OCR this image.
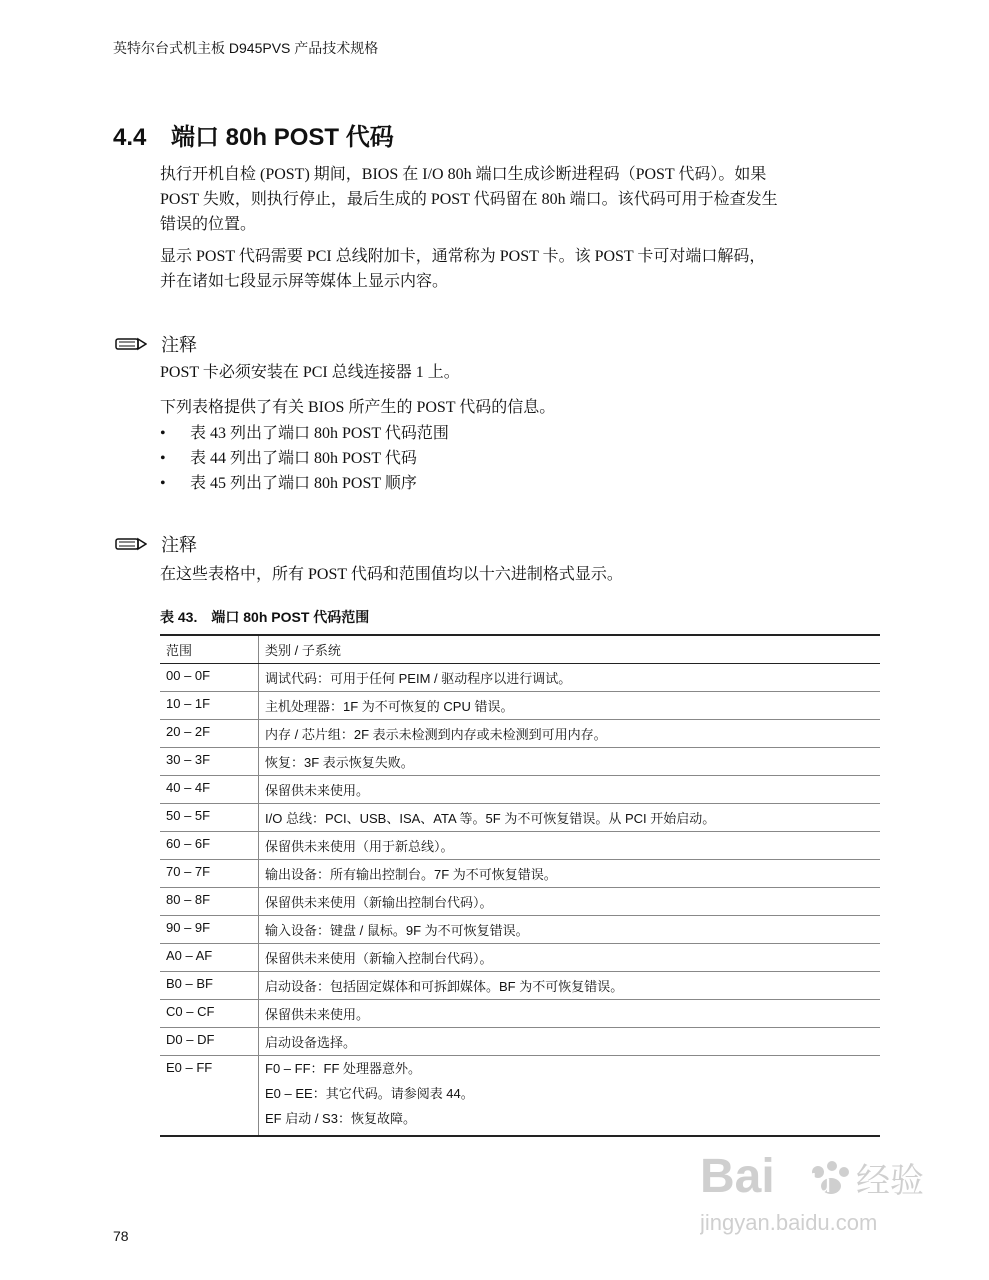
英特尔台式机主板 D945PVS 产品技术规格
4.4 端口 80h POST 代码
执行开机自检 (POST) 期间，BIOS 在 I/O 80h 端口生成诊断进程码（POST 代码）。如果
POST 失败，则执行停止，最后生成的 POST 代码留在 80h 端口。该代码可用于检查发生
错误的位置。
显示 POST 代码需要 PCI 总线附加卡，通常称为 POST 卡。该 POST 卡可对端口解码，
并在诸如七段显示屏等媒体上显示内容。
注释
POST 卡必须安装在 PCI 总线连接器 1 上。
下列表格提供了有关 BIOS 所产生的 POST 代码的信息。
•	表 43 列出了端口 80h POST 代码范围
•	表 44 列出了端口 80h POST 代码
•	表 45 列出了端口 80h POST 顺序
注释
在这些表格中，所有 POST 代码和范围值均以十六进制格式显示。
表 43. 端口 80h POST 代码范围
范围	类别 / 子系统
00 – 0F	调试代码：可用于任何 PEIM / 驱动程序以进行调试。
10 – 1F	主机处理器：1F 为不可恢复的 CPU 错误。
20 – 2F	内存 / 芯片组：2F 表示未检测到内存或未检测到可用内存。
30 – 3F	恢复：3F 表示恢复失败。
40 – 4F	保留供未来使用。
50 – 5F	I/O 总线：PCI、USB、ISA、ATA 等。5F 为不可恢复错误。从 PCI 开始启动。
60 – 6F	保留供未来使用（用于新总线）。
70 – 7F	输出设备：所有输出控制台。7F 为不可恢复错误。
80 – 8F	保留供未来使用（新输出控制台代码）。
90 – 9F	输入设备：键盘 / 鼠标。9F 为不可恢复错误。
A0 – AF	保留供未来使用（新输入控制台代码）。
B0 – BF	启动设备：包括固定媒体和可拆卸媒体。BF 为不可恢复错误。
C0 – CF	保留供未来使用。
D0 – DF	启动设备选择。
E0 – FF	F0 – FF：FF 处理器意外。
E0 – EE：其它代码。请参阅表 44。
EF 启动 / S3：恢复故障。
78
Bai du 经验
jingyan.baidu.com
